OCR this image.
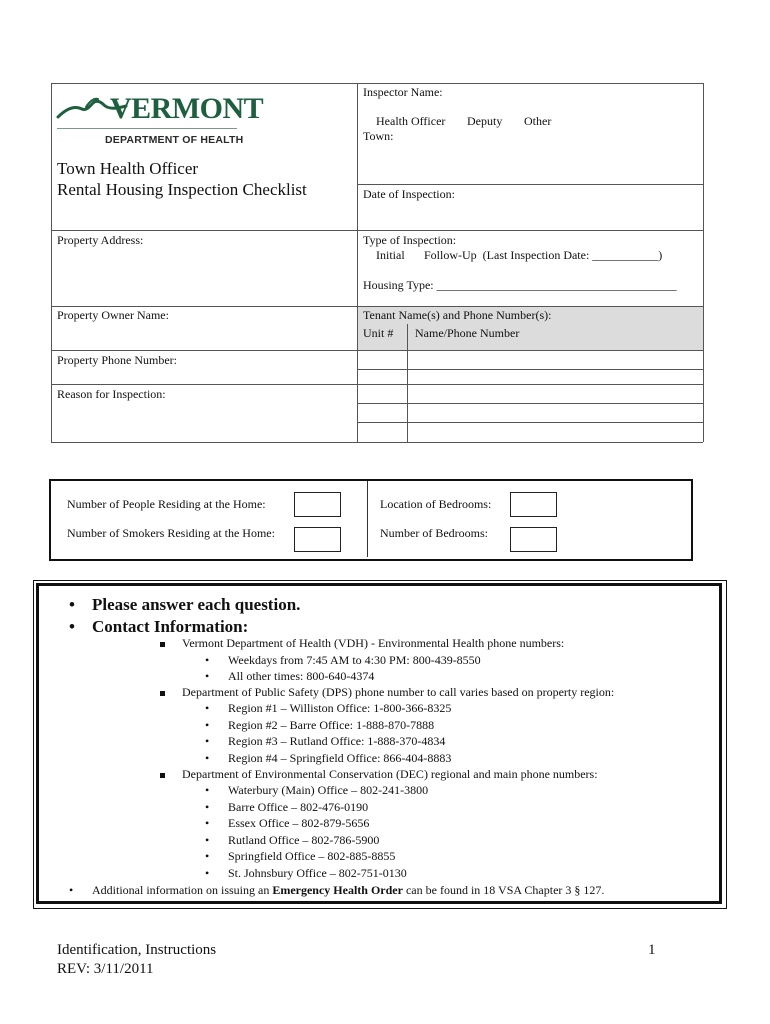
VERMONT
DEPARTMENT OF HEALTH
Town Health Officer
Rental Housing Inspection Checklist
Inspector Name:
Health Officer Deputy Other
Town:
Date of Inspection:
Property Address:	Type of Inspection:
Initial Follow-Up  (Last Inspection Date: ___________)
Housing Type: ________________________________________
Property Owner Name:	Tenant Name(s) and Phone Number(s):
Unit # Name/Phone Number
Property Phone Number:
Reason for Inspection:
Number of People Residing at the Home:
Number of Smokers Residing at the Home:
Location of Bedrooms:
Number of Bedrooms:
• Please answer each question.
• Contact Information:
Vermont Department of Health (VDH) - Environmental Health phone numbers:
• Weekdays from 7:45 AM to 4:30 PM: 800-439-8550
• All other times: 800-640-4374
Department of Public Safety (DPS) phone number to call varies based on property region:
• Region #1 – Williston Office: 1-800-366-8325
• Region #2 – Barre Office: 1-888-870-7888
• Region #3 – Rutland Office: 1-888-370-4834
• Region #4 – Springfield Office: 866-404-8883
Department of Environmental Conservation (DEC) regional and main phone numbers:
• Waterbury (Main) Office – 802-241-3800
• Barre Office – 802-476-0190
• Essex Office – 802-879-5656
• Rutland Office – 802-786-5900
• Springfield Office – 802-885-8855
• St. Johnsbury Office – 802-751-0130
• Additional information on issuing an Emergency Health Order can be found in 18 VSA Chapter 3 § 127.
Identification, Instructions
REV: 3/11/2011
1
